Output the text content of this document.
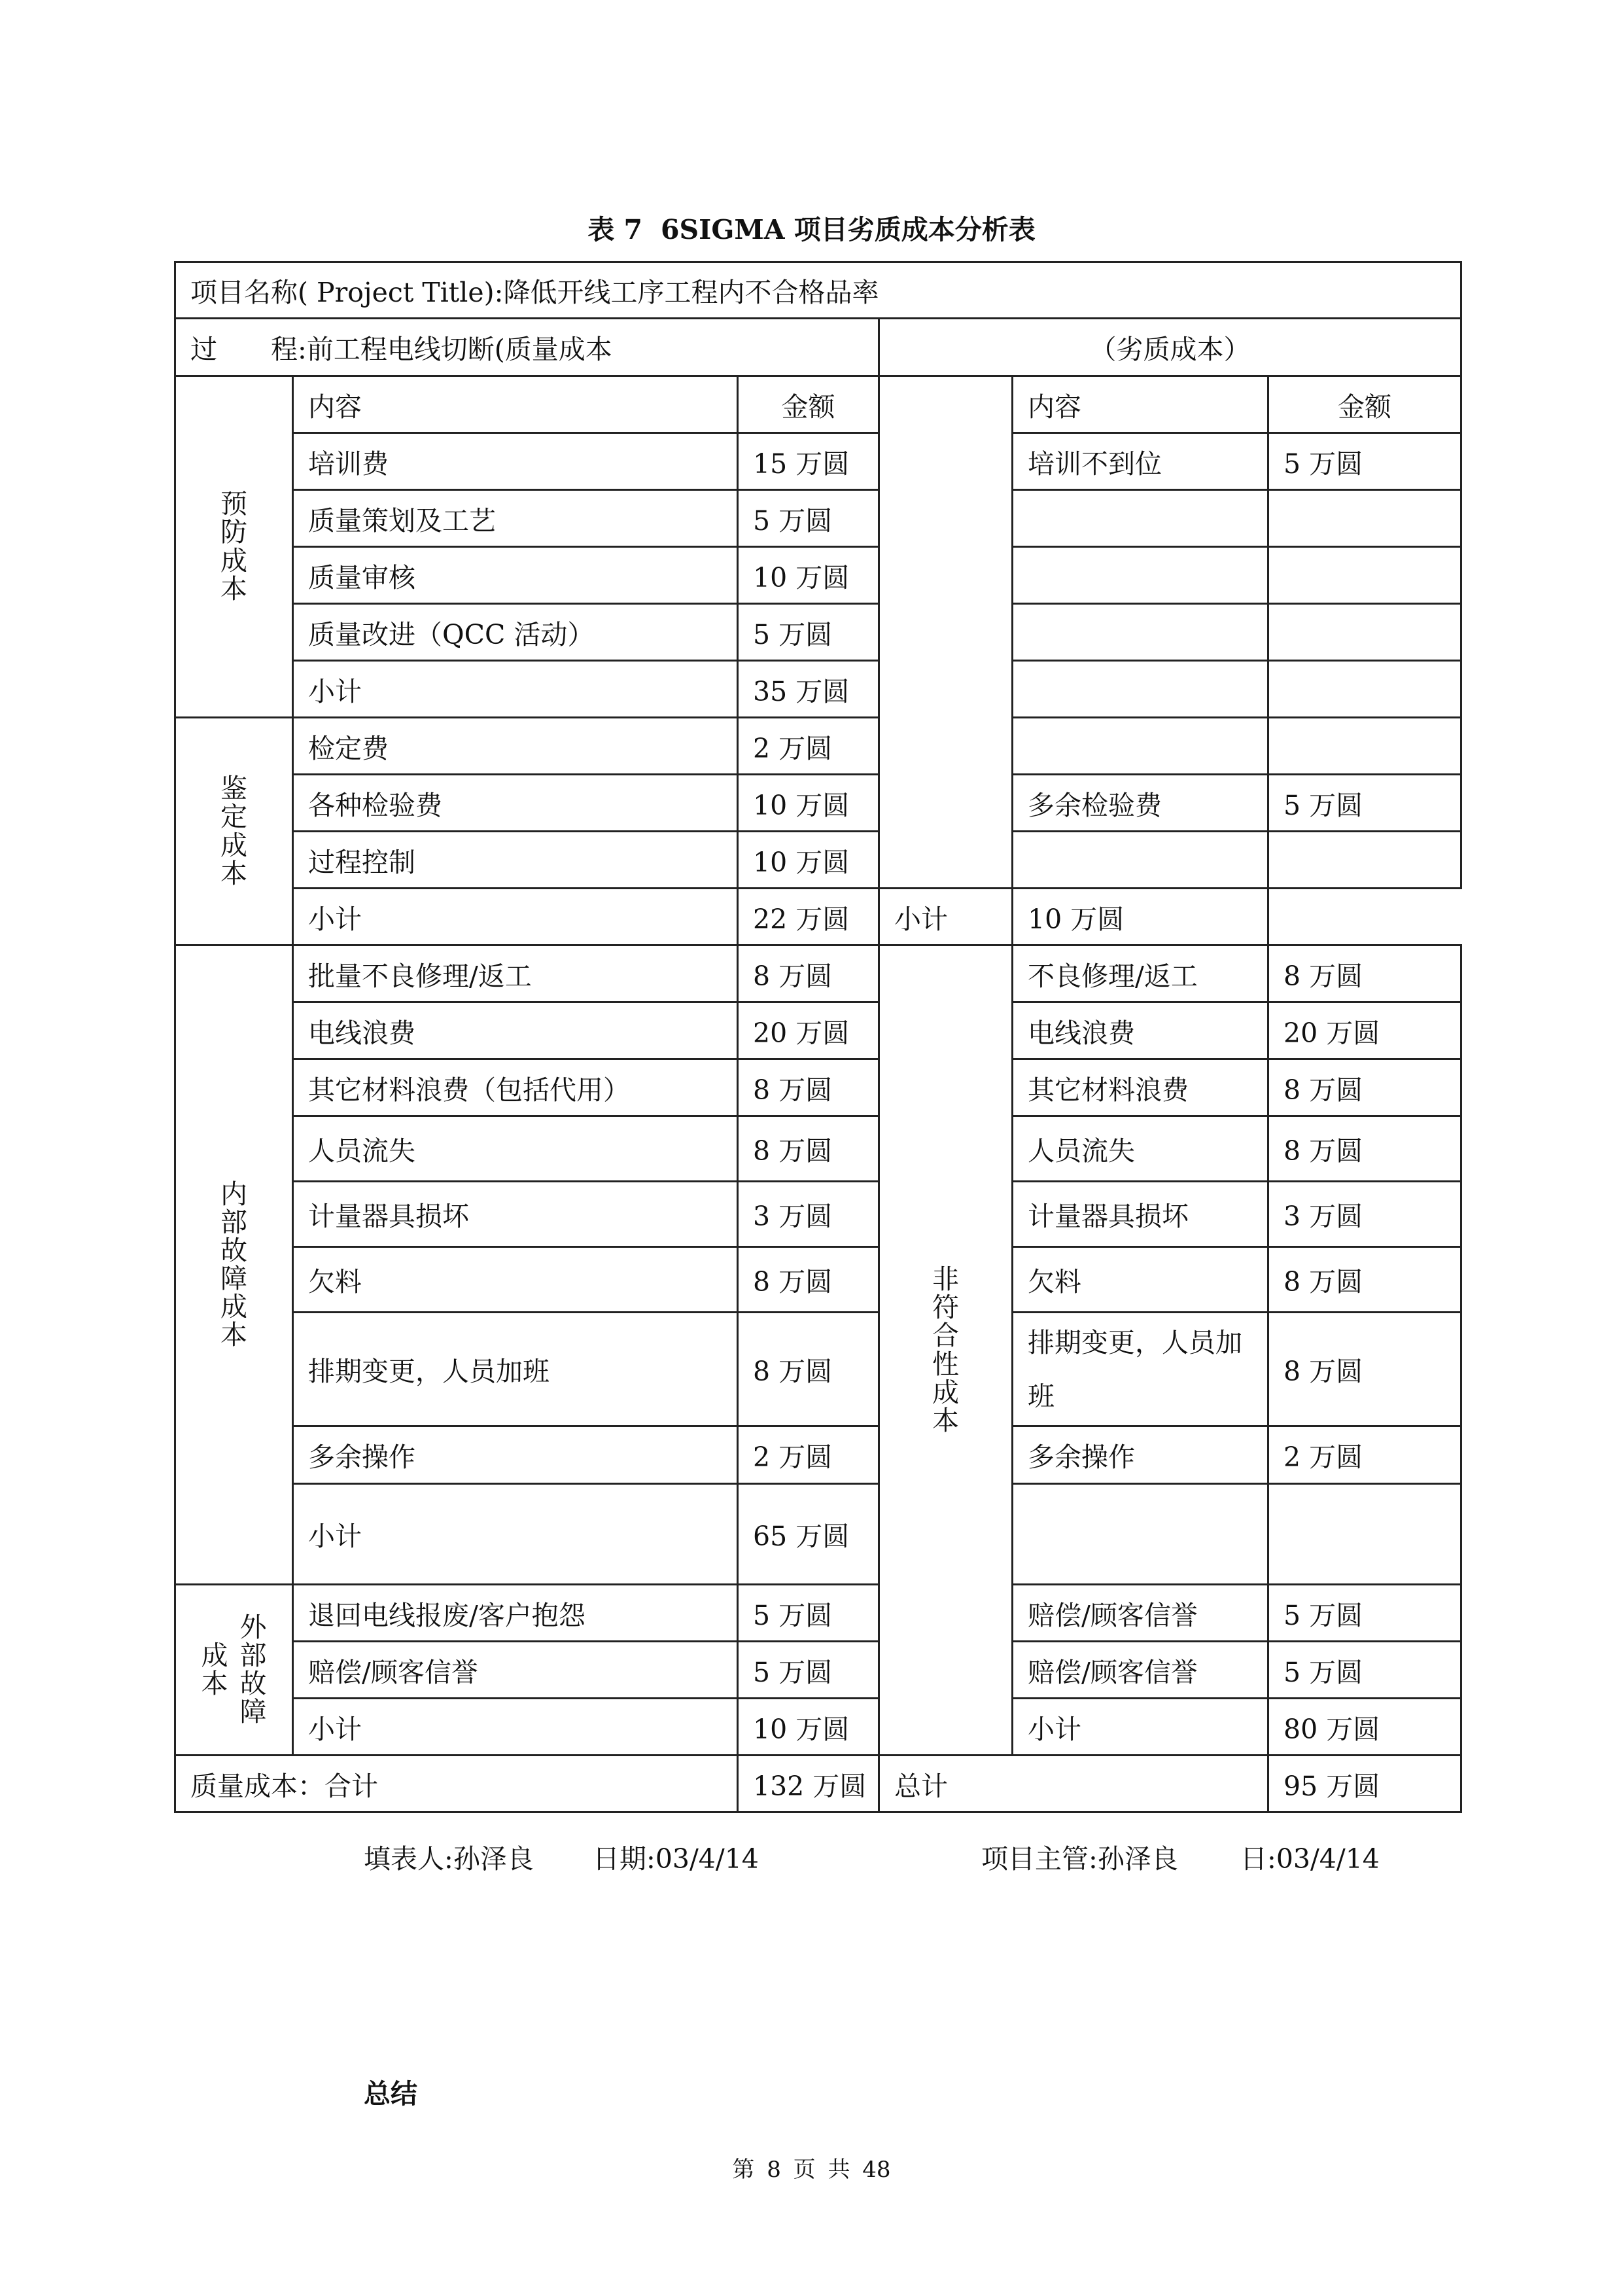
表 7 6SIGMA 项目劣质成本分析表
项目名称( Project Title):降低开线工序工程内不合格品率					
过　　程:前工程电线切断(质量成本			（劣质成本）		
预防成本	内容	金额		内容	金额
	培训费	15 万圆		培训不到位	5 万圆
	质量策划及工艺	5 万圆			
	质量审核	10 万圆			
	质量改进（QCC 活动）	5 万圆			
	小计	35 万圆			
鉴定成本	检定费	2 万圆			
	各种检验费	10 万圆		多余检验费	5 万圆
	过程控制	10 万圆			
	小计	22 万圆	小计	10 万圆	
内部故障成本	批量不良修理/返工	8 万圆	非符合性成本	不良修理/返工	8 万圆
	电线浪费	20 万圆		电线浪费	20 万圆
	其它材料浪费（包括代用）	8 万圆		其它材料浪费	8 万圆
	人员流失	8 万圆		人员流失	8 万圆
	计量器具损坏	3 万圆		计量器具损坏	3 万圆
	欠料	8 万圆		欠料	8 万圆
	排期变更，人员加班	8 万圆		排期变更，人员加班	8 万圆
	多余操作	2 万圆		多余操作	2 万圆
	小计	65 万圆			

成本
外部故障	退回电线报废/客户抱怨	5 万圆		赔偿/顾客信誉	5 万圆
	赔偿/顾客信誉	5 万圆		赔偿/顾客信誉	5 万圆
	小计	10 万圆		小计	80 万圆
质量成本：合计		132 万圆	总计		95 万圆
填表人:孙泽良 日期:03/4/14	项目主管:孙泽良 日:03/4/14
总结
第 8 页 共 48
